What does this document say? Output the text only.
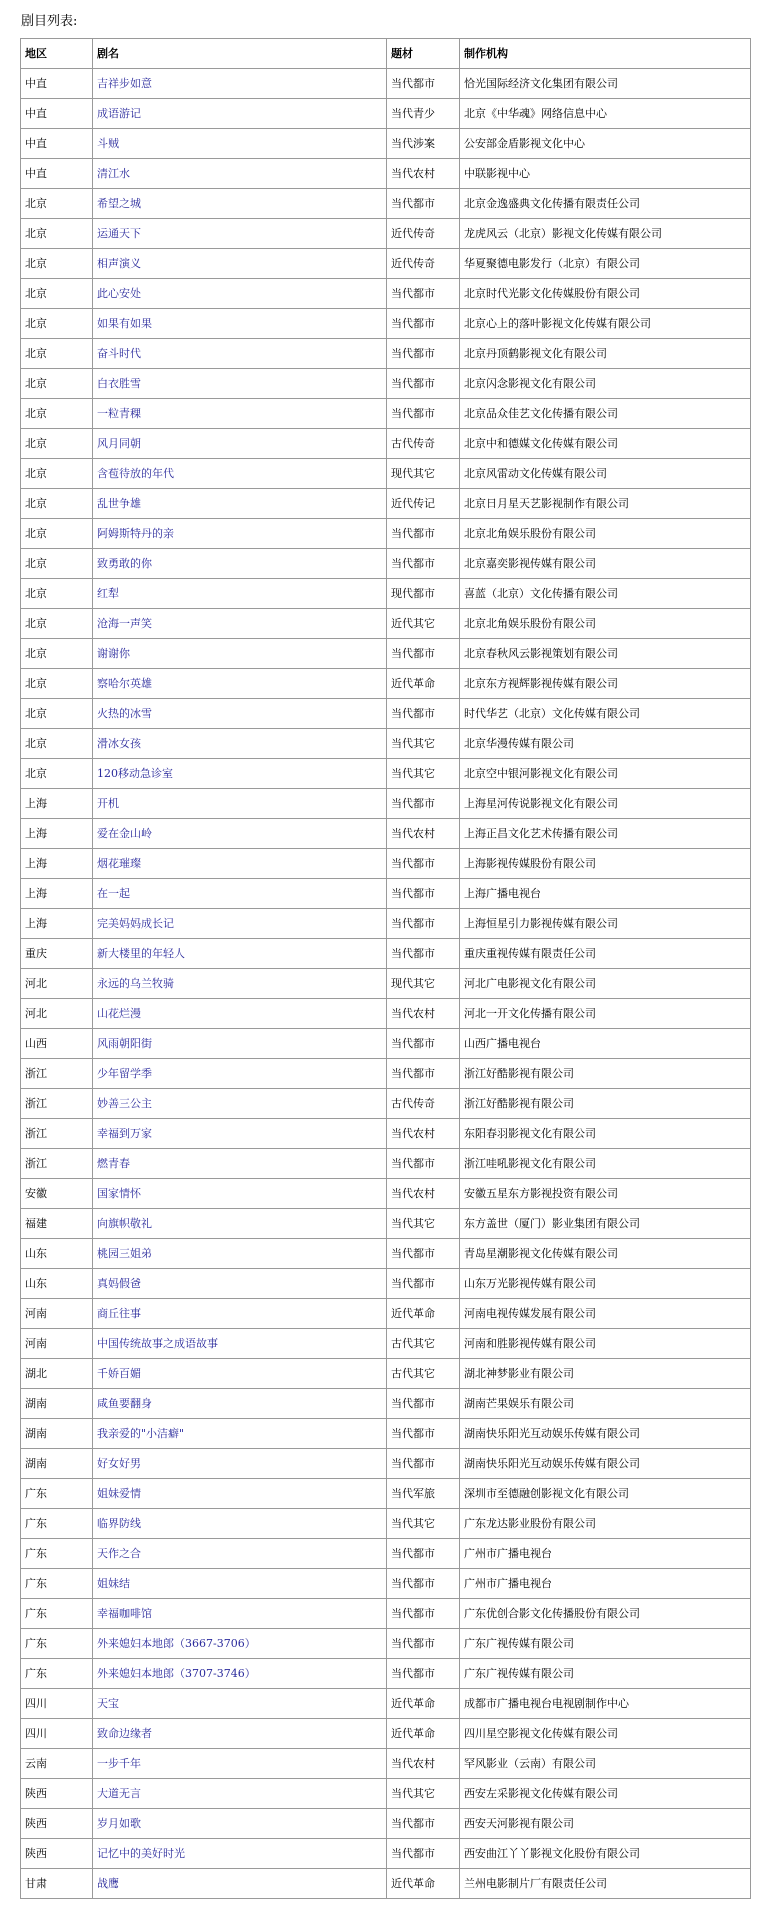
剧目列表:
地区	剧名	题材	制作机构
中直	吉祥步如意	当代都市	恰光国际经济文化集团有限公司
中直	成语游记	当代青少	北京《中华魂》网络信息中心
中直	斗贼	当代涉案	公安部金盾影视文化中心
中直	清江水	当代农村	中联影视中心
北京	希望之城	当代都市	北京金逸盛典文化传播有限责任公司
北京	运通天下	近代传奇	龙虎风云（北京）影视文化传媒有限公司
北京	相声演义	近代传奇	华夏聚德电影发行（北京）有限公司
北京	此心安处	当代都市	北京时代光影文化传媒股份有限公司
北京	如果有如果	当代都市	北京心上的落叶影视文化传媒有限公司
北京	奋斗时代	当代都市	北京丹顶鹤影视文化有限公司
北京	白衣胜雪	当代都市	北京闪念影视文化有限公司
北京	一粒青稞	当代都市	北京品众佳艺文化传播有限公司
北京	风月同朝	古代传奇	北京中和德媒文化传媒有限公司
北京	含苞待放的年代	现代其它	北京风雷动文化传媒有限公司
北京	乱世争雄	近代传记	北京日月星天艺影视制作有限公司
北京	阿姆斯特丹的亲	当代都市	北京北角娱乐股份有限公司
北京	致勇敢的你	当代都市	北京嘉奕影视传媒有限公司
北京	红犁	现代都市	喜蓝（北京）文化传播有限公司
北京	沧海一声笑	近代其它	北京北角娱乐股份有限公司
北京	谢谢你	当代都市	北京春秋风云影视策划有限公司
北京	察哈尔英雄	近代革命	北京东方视辉影视传媒有限公司
北京	火热的冰雪	当代都市	时代华艺（北京）文化传媒有限公司
北京	滑冰女孩	当代其它	北京华漫传媒有限公司
北京	120移动急诊室	当代其它	北京空中银河影视文化有限公司
上海	开机	当代都市	上海星河传说影视文化有限公司
上海	爱在金山岭	当代农村	上海正昌文化艺术传播有限公司
上海	烟花璀璨	当代都市	上海影视传媒股份有限公司
上海	在一起	当代都市	上海广播电视台
上海	完美妈妈成长记	当代都市	上海恒星引力影视传媒有限公司
重庆	新大楼里的年轻人	当代都市	重庆重视传媒有限责任公司
河北	永远的乌兰牧骑	现代其它	河北广电影视文化有限公司
河北	山花烂漫	当代农村	河北一开文化传播有限公司
山西	风雨朝阳街	当代都市	山西广播电视台
浙江	少年留学季	当代都市	浙江好酷影视有限公司
浙江	妙善三公主	古代传奇	浙江好酷影视有限公司
浙江	幸福到万家	当代农村	东阳春羽影视文化有限公司
浙江	燃青春	当代都市	浙江哇吼影视文化有限公司
安徽	国家情怀	当代农村	安徽五星东方影视投资有限公司
福建	向旗帜敬礼	当代其它	东方盖世（厦门）影业集团有限公司
山东	桃园三姐弟	当代都市	青岛星潮影视文化传媒有限公司
山东	真妈假爸	当代都市	山东万光影视传媒有限公司
河南	商丘往事	近代革命	河南电视传媒发展有限公司
河南	中国传统故事之成语故事	古代其它	河南和胜影视传媒有限公司
湖北	千娇百媚	古代其它	湖北神梦影业有限公司
湖南	咸鱼要翻身	当代都市	湖南芒果娱乐有限公司
湖南	我亲爱的"小洁癖"	当代都市	湖南快乐阳光互动娱乐传媒有限公司
湖南	好女好男	当代都市	湖南快乐阳光互动娱乐传媒有限公司
广东	姐妹爱情	当代军旅	深圳市至德融创影视文化有限公司
广东	临界防线	当代其它	广东龙达影业股份有限公司
广东	天作之合	当代都市	广州市广播电视台
广东	姐妹结	当代都市	广州市广播电视台
广东	幸福咖啡馆	当代都市	广东优创合影文化传播股份有限公司
广东	外来媳妇本地郎（3667-3706）	当代都市	广东广视传媒有限公司
广东	外来媳妇本地郎（3707-3746）	当代都市	广东广视传媒有限公司
四川	天宝	近代革命	成都市广播电视台电视剧制作中心
四川	致命边缘者	近代革命	四川星空影视文化传媒有限公司
云南	一步千年	当代农村	罕风影业（云南）有限公司
陕西	大道无言	当代其它	西安左采影视文化传媒有限公司
陕西	岁月如歌	当代都市	西安天河影视有限公司
陕西	记忆中的美好时光	当代都市	西安曲江丫丫影视文化股份有限公司
甘肃	战鹰	近代革命	兰州电影制片厂有限责任公司
